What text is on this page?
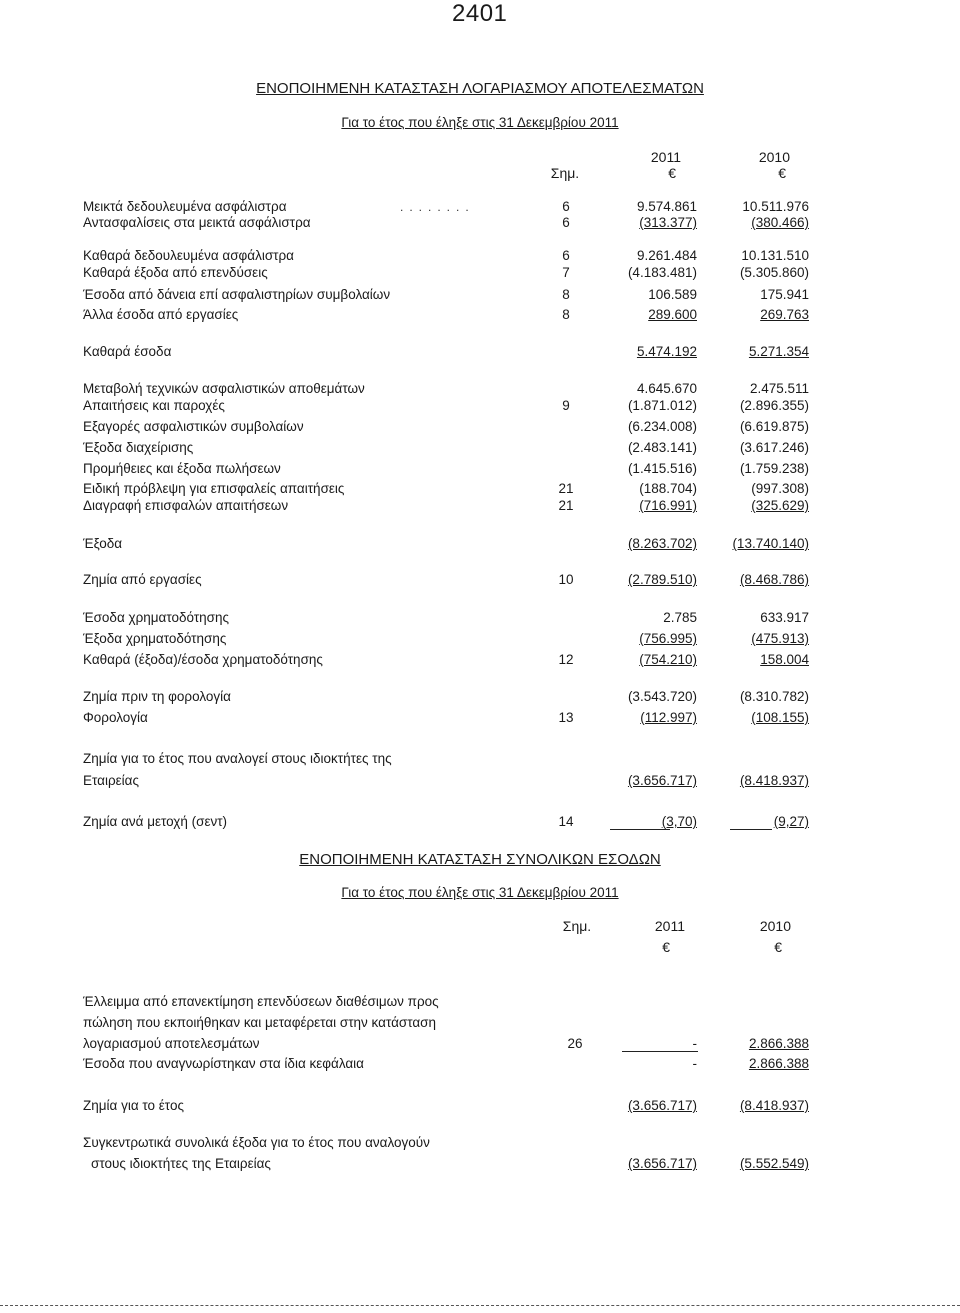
2401
ΕΝΟΠΟΙΗΜΕΝΗ ΚΑΤΑΣΤΑΣΗ ΛΟΓΑΡΙΑΣΜΟΥ ΑΠΟΤΕΛΕΣΜΑΤΩΝ
Για το έτος που έληξε στις 31 Δεκεμβρίου 2011
2011	2010
Σημ.	€	€
Μεικτά δεδουλευμένα ασφάλιστρα	........	6	9.574.861	10.511.976
Αντασφαλίσεις στα μεικτά ασφάλιστρα	6	(313.377)	(380.466)
Καθαρά δεδουλευμένα ασφάλιστρα	6	9.261.484	10.131.510
Καθαρά έξοδα από επενδύσεις	7	(4.183.481)	(5.305.860)
Έσοδα από δάνεια επί ασφαλιστηρίων συμβολαίων	8	106.589	175.941
Άλλα έσοδα από εργασίες	8	289.600	269.763
Καθαρά έσοδα	5.474.192	5.271.354
Μεταβολή τεχνικών ασφαλιστικών αποθεμάτων	4.645.670	2.475.511
Απαιτήσεις και παροχές	9	(1.871.012)	(2.896.355)
Εξαγορές ασφαλιστικών συμβολαίων	(6.234.008)	(6.619.875)
Έξοδα διαχείρισης	(2.483.141)	(3.617.246)
Προμήθειες και έξοδα πωλήσεων	(1.415.516)	(1.759.238)
Ειδική πρόβλεψη για επισφαλείς απαιτήσεις	21	(188.704)	(997.308)
Διαγραφή επισφαλών απαιτήσεων	21	(716.991)	(325.629)
Έξοδα	(8.263.702)	(13.740.140)
Ζημία από εργασίες	10	(2.789.510)	(8.468.786)
Έσοδα χρηματοδότησης	2.785	633.917
Έξοδα χρηματοδότησης	(756.995)	(475.913)
Καθαρά (έξοδα)/έσοδα χρηματοδότησης	12	(754.210)	158.004
Ζημία πριν τη φορολογία	(3.543.720)	(8.310.782)
Φορολογία	13	(112.997)	(108.155)
Ζημία για το έτος που αναλογεί στους ιδιοκτήτες της
Εταιρείας	(3.656.717)	(8.418.937)
Ζημία ανά μετοχή (σεντ)	14	(3,70)	(9,27)
ΕΝΟΠΟΙΗΜΕΝΗ ΚΑΤΑΣΤΑΣΗ ΣΥΝΟΛΙΚΩΝ ΕΣΟΔΩΝ
Για το έτος που έληξε στις 31 Δεκεμβρίου 2011
Σημ.	2011	2010
€	€
Έλλειμμα από επανεκτίμηση επενδύσεων διαθέσιμων προς
πώληση που εκποιήθηκαν και μεταφέρεται στην κατάσταση
λογαριασμού αποτελεσμάτων	26	-	2.866.388
Έσοδα που αναγνωρίστηκαν στα ίδια κεφάλαια	-	2.866.388
Ζημία για το έτος	(3.656.717)	(8.418.937)
Συγκεντρωτικά συνολικά έξοδα για το έτος που αναλογούν
στους ιδιοκτήτες της Εταιρείας	(3.656.717)	(5.552.549)
